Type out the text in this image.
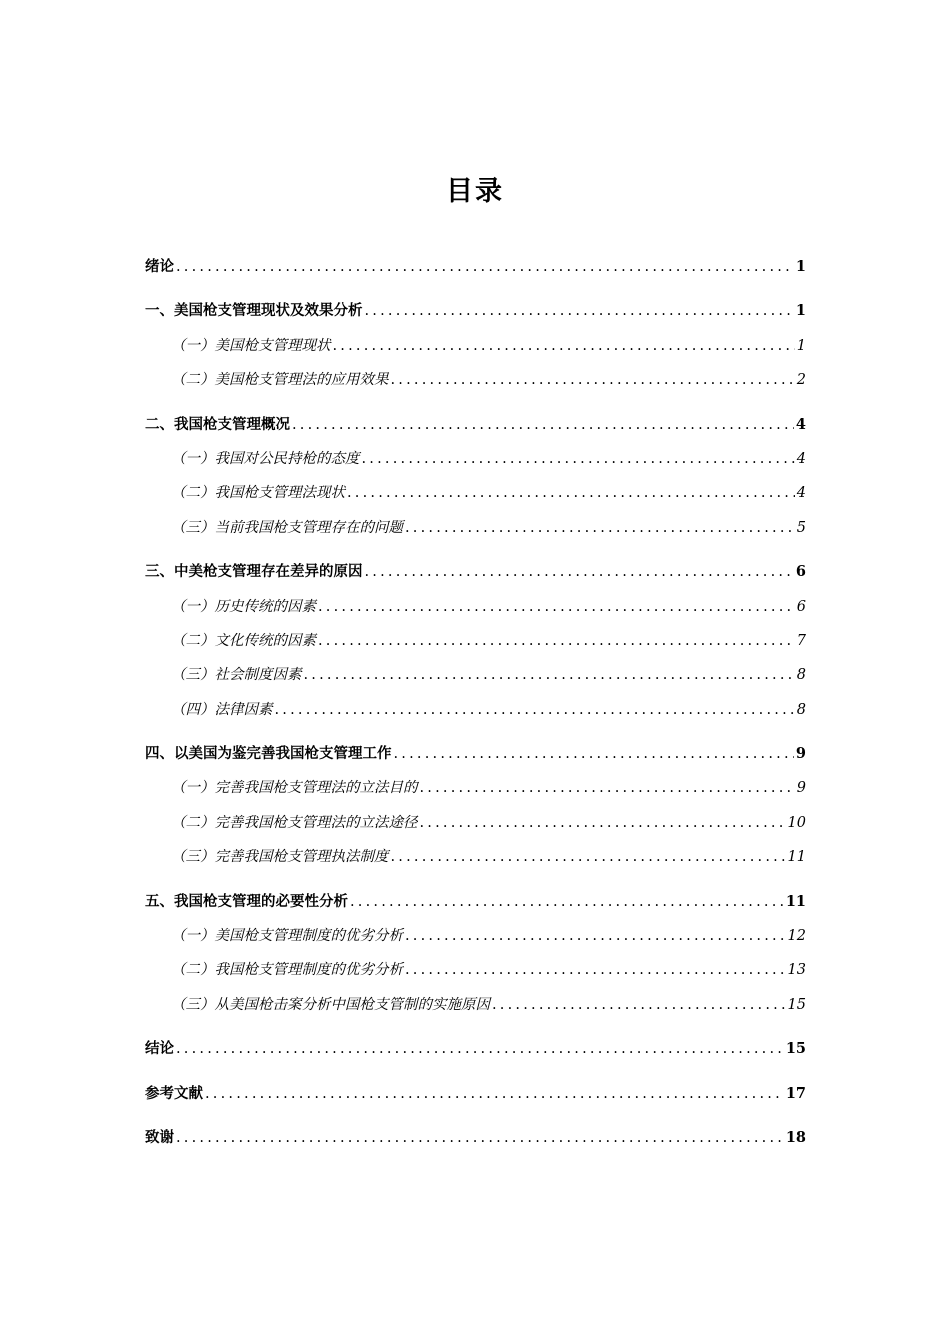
目录
绪论 .....	1
一、美国枪支管理现状及效果分析 .....	1
（一）美国枪支管理现状 .....	1
（二）美国枪支管理法的应用效果 .....	2
二、我国枪支管理概况 .....	4
（一）我国对公民持枪的态度 .....	4
（二）我国枪支管理法现状 .....	4
（三）当前我国枪支管理存在的问题 .....	5
三、中美枪支管理存在差异的原因 .....	6
（一）历史传统的因素 .....	6
（二）文化传统的因素 .....	7
（三）社会制度因素 .....	8
（四）法律因素 .....	8
四、以美国为鉴完善我国枪支管理工作 .....	9
（一）完善我国枪支管理法的立法目的 .....	9
（二）完善我国枪支管理法的立法途径 .....	10
（三）完善我国枪支管理执法制度 .....	11
五、我国枪支管理的必要性分析 .....	11
（一）美国枪支管理制度的优劣分析 .....	12
（二）我国枪支管理制度的优劣分析 .....	13
（三）从美国枪击案分析中国枪支管制的实施原因 .....	15
结论 .....	15
参考文献 .....	17
致谢 .....	18
